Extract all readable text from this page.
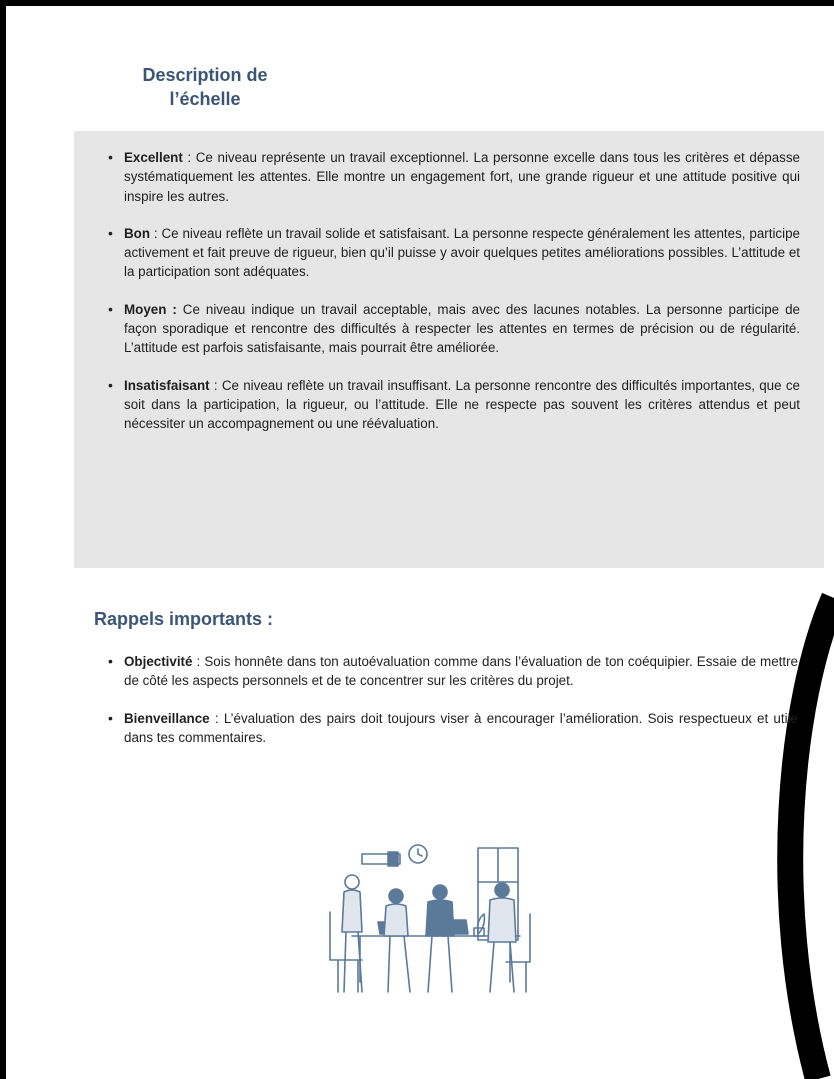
Description de
l’échelle
• Excellent : Ce niveau représente un travail exceptionnel. La personne excelle dans tous les critères et dépasse systématiquement les attentes. Elle montre un engagement fort, une grande rigueur et une attitude positive qui inspire les autres.
• Bon : Ce niveau reflète un travail solide et satisfaisant. La personne respecte généralement les attentes, participe activement et fait preuve de rigueur, bien qu’il puisse y avoir quelques petites améliorations possibles. L’attitude et la participation sont adéquates.
• Moyen : Ce niveau indique un travail acceptable, mais avec des lacunes notables. La personne participe de façon sporadique et rencontre des difficultés à respecter les attentes en termes de précision ou de régularité. L’attitude est parfois satisfaisante, mais pourrait être améliorée.
• Insatisfaisant : Ce niveau reflète un travail insuffisant. La personne rencontre des difficultés importantes, que ce soit dans la participation, la rigueur, ou l’attitude. Elle ne respecte pas souvent les critères attendus et peut nécessiter un accompagnement ou une réévaluation.
Rappels importants :
• Objectivité : Sois honnête dans ton autoévaluation comme dans l’évaluation de ton coéquipier. Essaie de mettre de côté les aspects personnels et de te concentrer sur les critères du projet.
• Bienveillance : L’évaluation des pairs doit toujours viser à encourager l’amélioration. Sois respectueux et utile dans tes commentaires.
